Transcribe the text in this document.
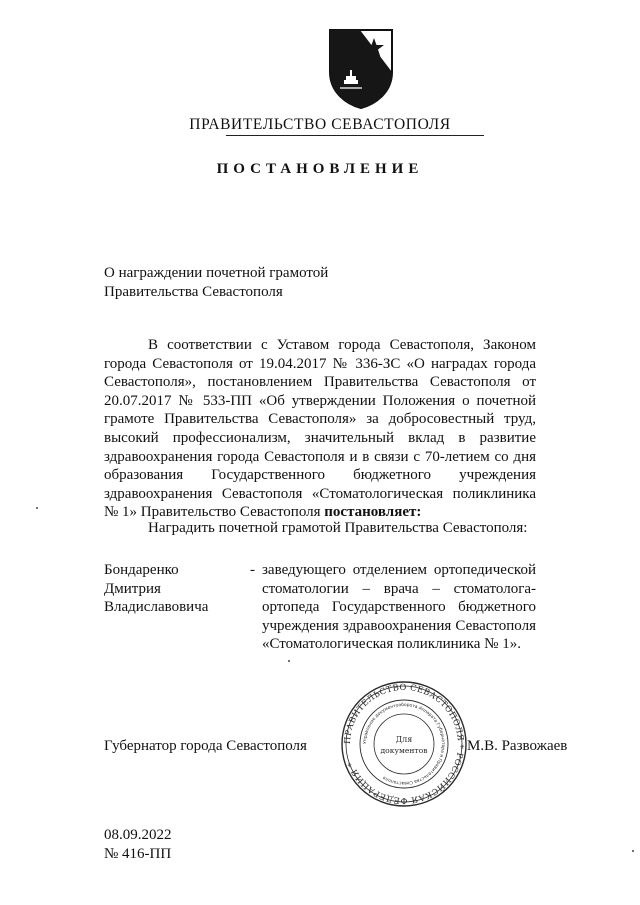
ПРАВИТЕЛЬСТВО СЕВАСТОПОЛЯ
ПОСТАНОВЛЕНИЕ
О награждении почетной грамотой
Правительства Севастополя

В соответствии с Уставом города Севастополя, Законом города Севастополя от 19.04.2017 № 336-ЗС «О наградах города Севастополя», постановлением Правительства Севастополя от 20.07.2017 № 533-ПП «Об утверждении Положения о почетной грамоте Правительства Севастополя» за добросовестный труд, высокий профессионализм, значительный вклад в развитие здравоохранения города Севастополя и в связи с 70-летием со дня образования Государственного бюджетного учреждения здравоохранения Севастополя «Стоматологическая поликлиника № 1» Правительство Севастополя постановляет:

Наградить почетной грамотой Правительства Севастополя:
Бондаренко
Дмитрия
Владиславовича
- заведующего отделением ортопедической стоматологии – врача – стоматолога-ортопеда Государственного бюджетного учреждения здравоохранения Севастополя «Стоматологическая поликлиника № 1».
Губернатор города Севастополя	ПРАВИТЕЛЬСТВО СЕВАСТОПОЛЯ * РОССИЙСКАЯ ФЕДЕРАЦИЯ *
Управление документооборота Аппарата Губернатора и Правительства Севастополя
Для
документов	М.В. Развожаев
08.09.2022
№ 416-ПП
